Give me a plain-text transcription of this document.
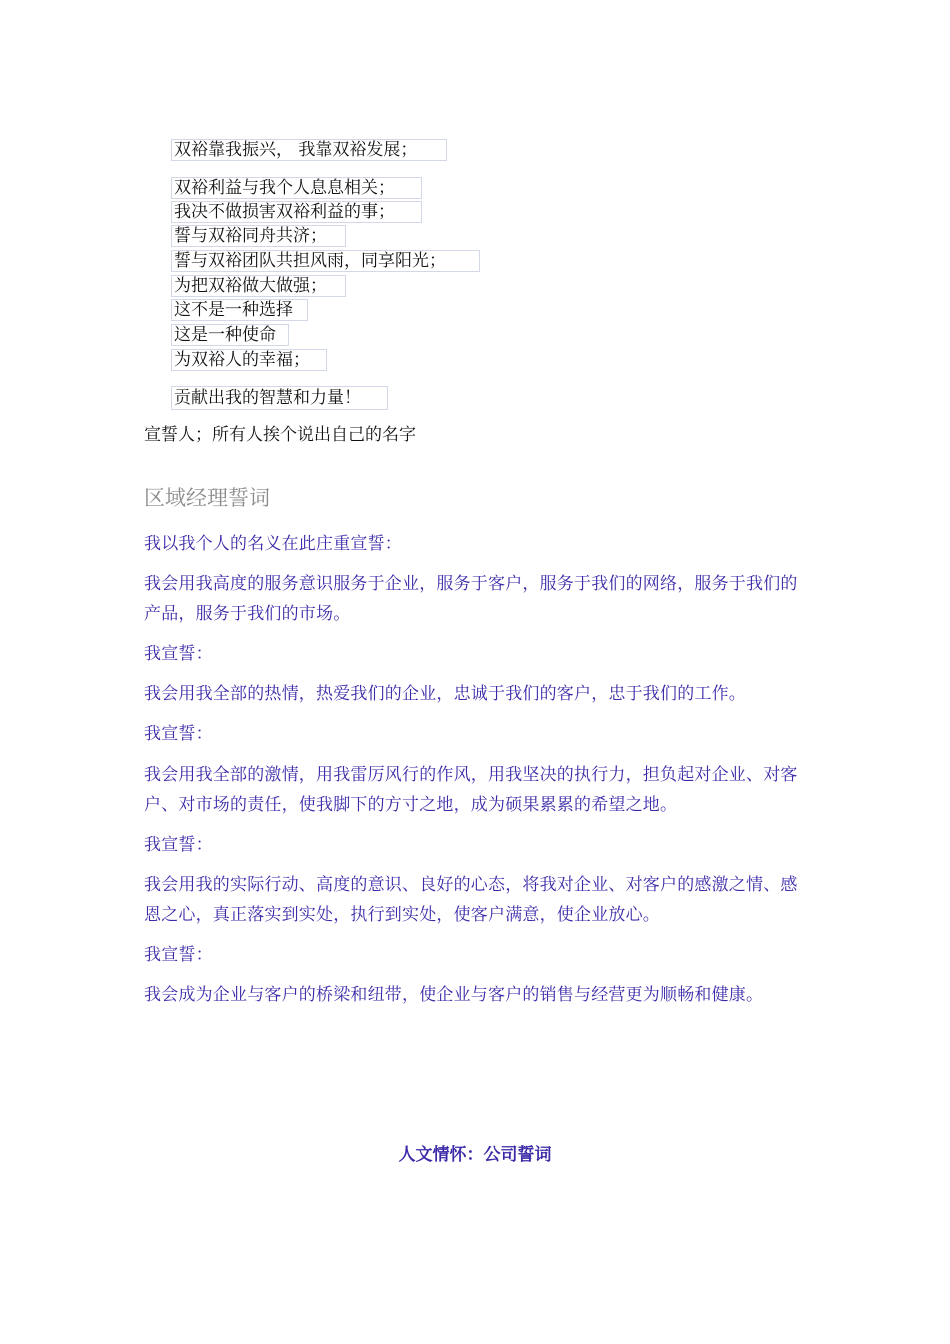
双裕靠我振兴， 我靠双裕发展；
双裕利益与我个人息息相关；
我决不做损害双裕利益的事；
誓与双裕同舟共济；
誓与双裕团队共担风雨，同享阳光；
为把双裕做大做强；
这不是一种选择
这是一种使命
为双裕人的幸福；
贡献出我的智慧和力量！
宣誓人；所有人挨个说出自己的名字
区域经理誓词

我以我个人的名义在此庄重宣誓：

我会用我高度的服务意识服务于企业，服务于客户，服务于我们的网络，服务于我们的产品，服务于我们的市场。

我宣誓：

我会用我全部的热情，热爱我们的企业，忠诚于我们的客户，忠于我们的工作。

我宣誓：

我会用我全部的激情，用我雷厉风行的作风，用我坚决的执行力，担负起对企业、对客户、对市场的责任，使我脚下的方寸之地，成为硕果累累的希望之地。

我宣誓：

我会用我的实际行动、高度的意识、良好的心态，将我对企业、对客户的感激之情、感恩之心，真正落实到实处，执行到实处，使客户满意，使企业放心。

我宣誓：

我会成为企业与客户的桥梁和纽带，使企业与客户的销售与经营更为顺畅和健康。

人文情怀：公司誓词
